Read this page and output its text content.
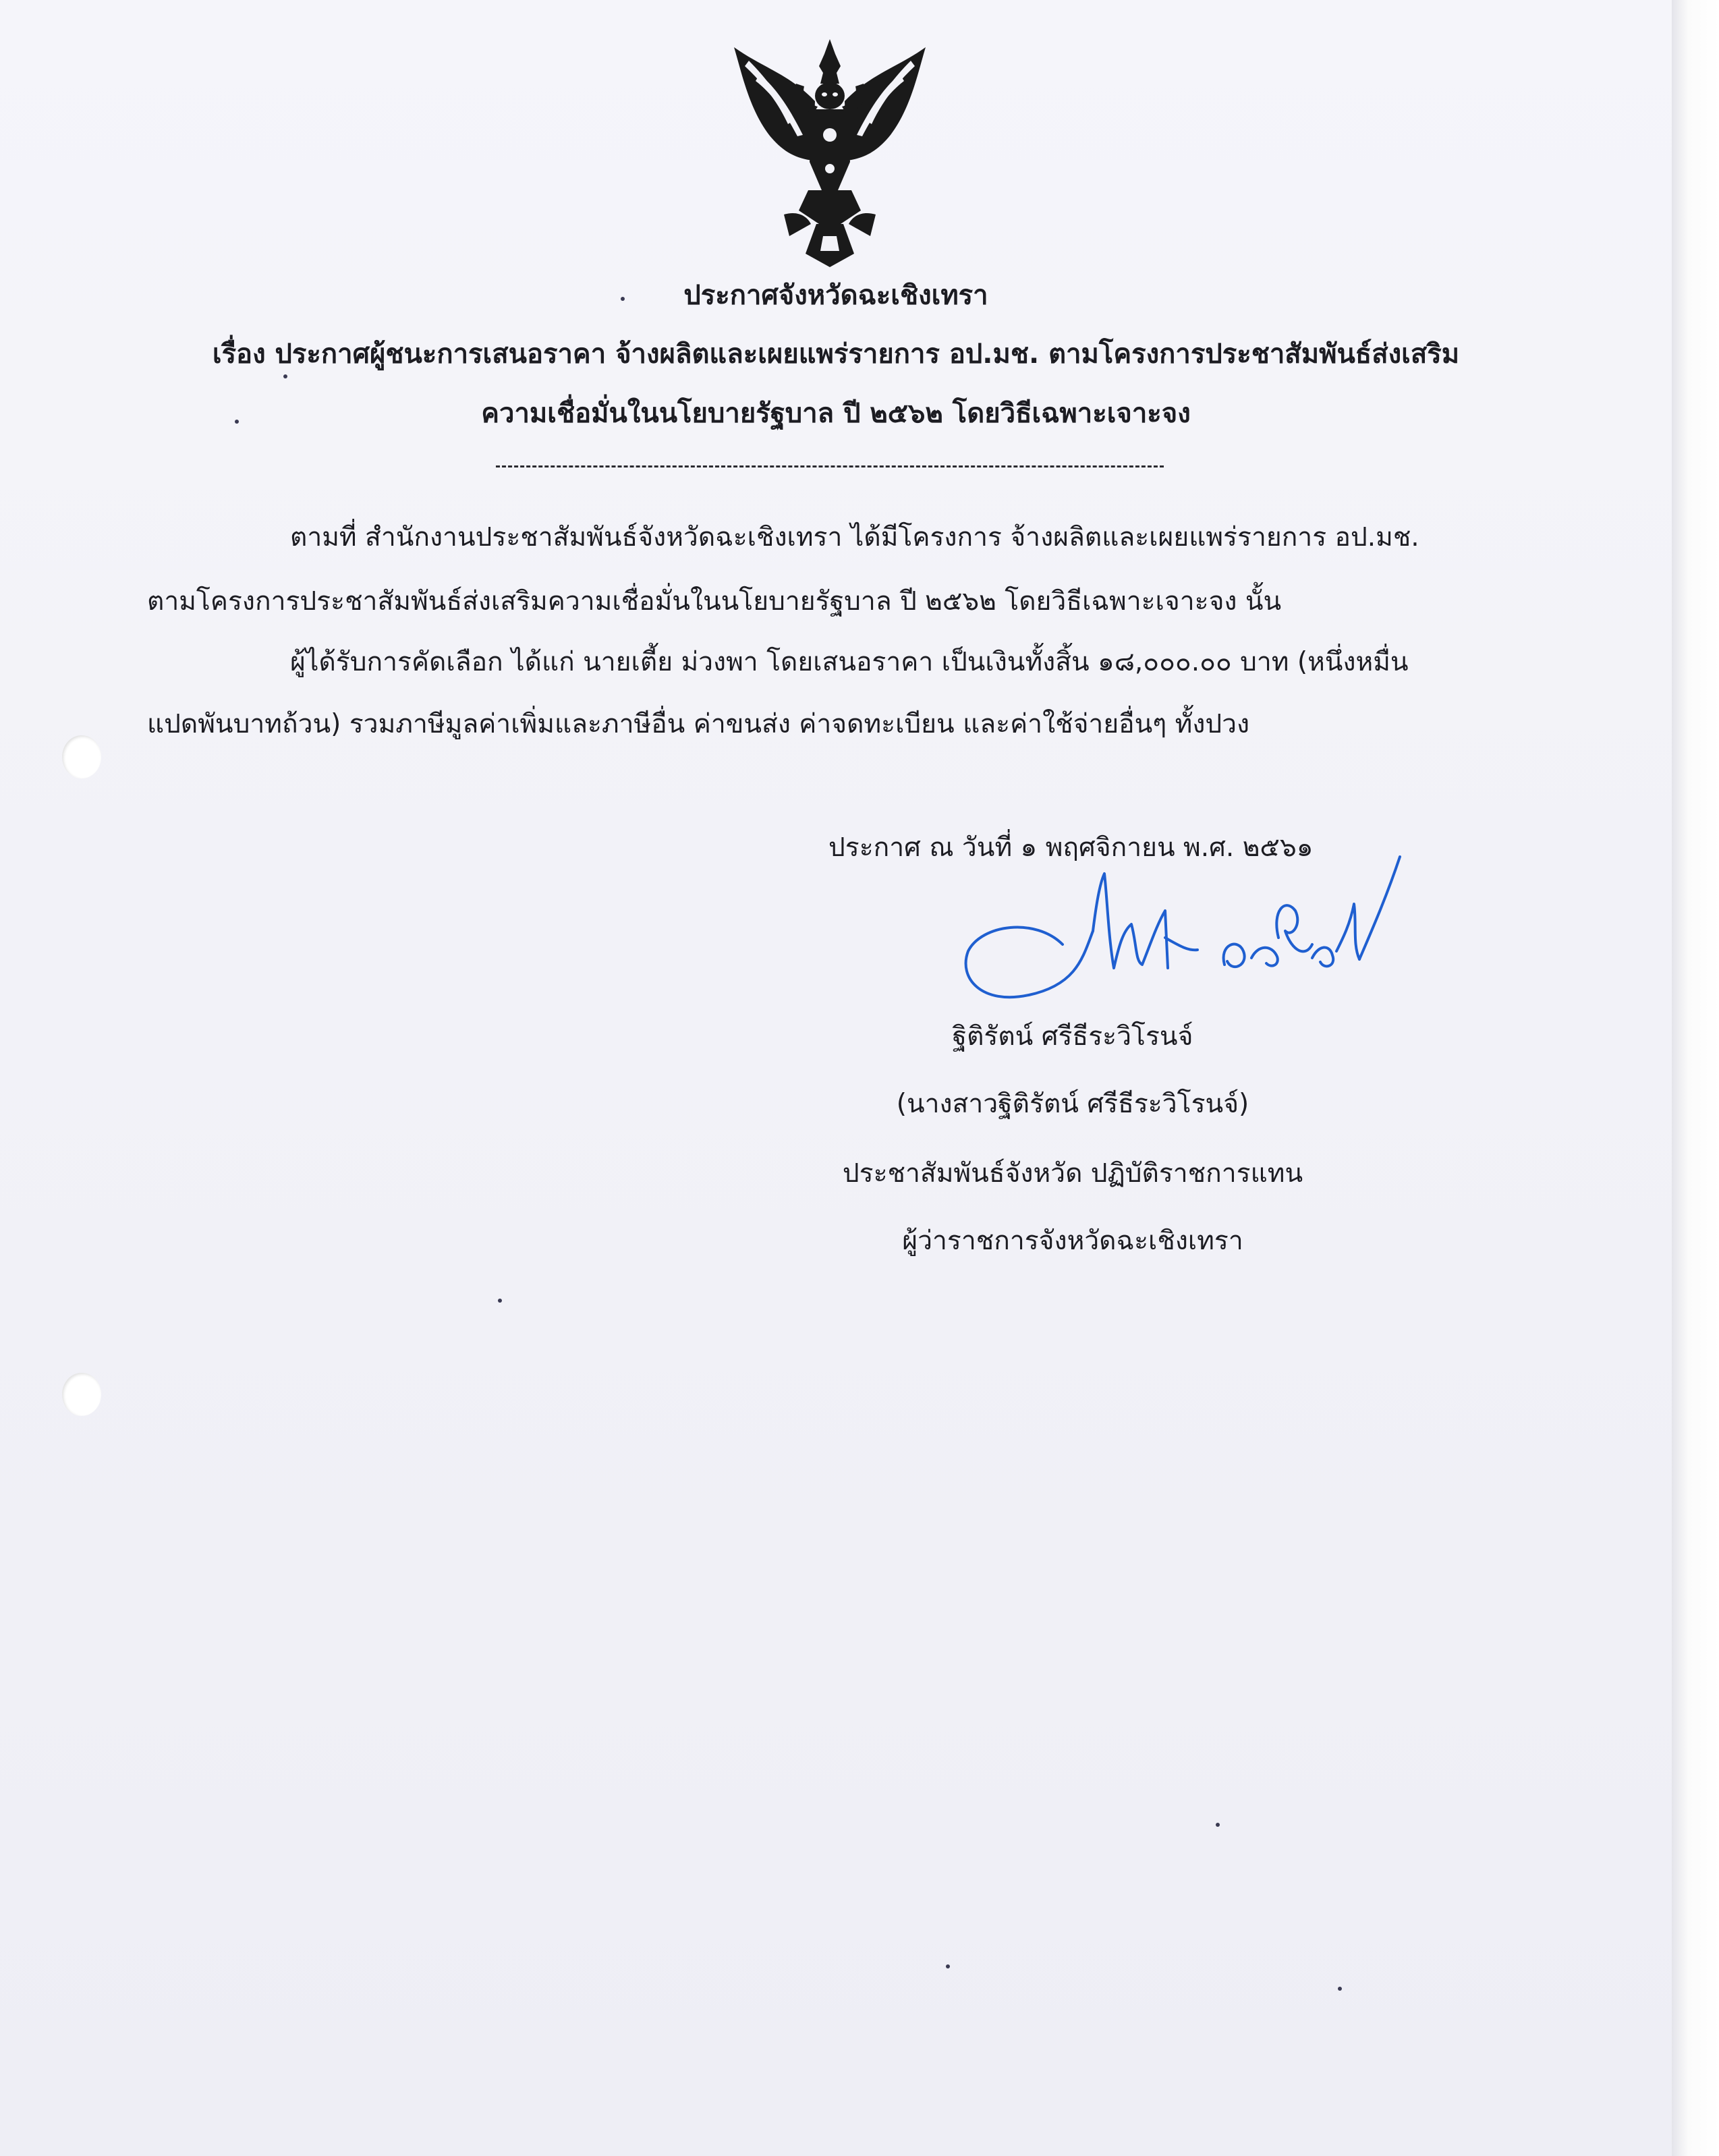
ประกาศจังหวัดฉะเชิงเทรา
เรื่อง ประกาศผู้ชนะการเสนอราคา จ้างผลิตและเผยแพร่รายการ อป.มช. ตามโครงการประชาสัมพันธ์ส่งเสริม
ความเชื่อมั่นในนโยบายรัฐบาล ปี ๒๕๖๒ โดยวิธีเฉพาะเจาะจง
ตามที่ สำนักงานประชาสัมพันธ์จังหวัดฉะเชิงเทรา ได้มีโครงการ จ้างผลิตและเผยแพร่รายการ อป.มช.
ตามโครงการประชาสัมพันธ์ส่งเสริมความเชื่อมั่นในนโยบายรัฐบาล ปี ๒๕๖๒ โดยวิธีเฉพาะเจาะจง นั้น
ผู้ได้รับการคัดเลือก ได้แก่ นายเตี้ย ม่วงพา โดยเสนอราคา เป็นเงินทั้งสิ้น ๑๘,๐๐๐.๐๐ บาท (หนึ่งหมื่น
แปดพันบาทถ้วน) รวมภาษีมูลค่าเพิ่มและภาษีอื่น ค่าขนส่ง ค่าจดทะเบียน และค่าใช้จ่ายอื่นๆ ทั้งปวง
ประกาศ ณ วันที่ ๑ พฤศจิกายน พ.ศ. ๒๕๖๑
ฐิติรัตน์ ศรีธีระวิโรนจ์
(นางสาวฐิติรัตน์ ศรีธีระวิโรนจ์)
ประชาสัมพันธ์จังหวัด ปฏิบัติราชการแทน
ผู้ว่าราชการจังหวัดฉะเชิงเทรา
